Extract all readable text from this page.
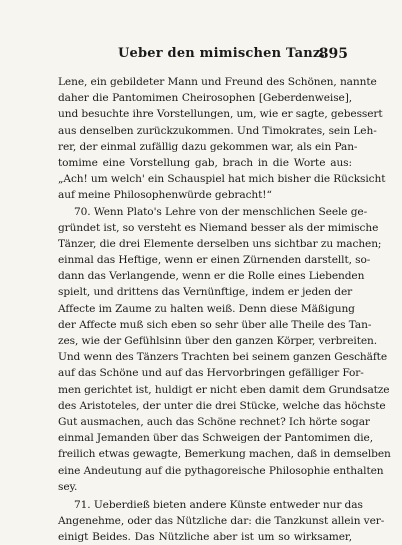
Ueber den mimischen Tanz.
895
Lene, ein gebildeter Mann und Freund des Schönen, nannte
daher die Pantomimen Cheirosophen [Geberdenweise],
und besuchte ihre Vorstellungen, um, wie er sagte, gebessert
aus denselben zurückzukommen. Und Timokrates, sein Leh-
rer, der einmal zufällig dazu gekommen war, als ein Pan-
tomime eine Vorstellung gab, brach in die Worte aus:
„Ach! um welch' ein Schauspiel hat mich bisher die Rücksicht
auf meine Philosophenwürde gebracht!“
70. Wenn Plato's Lehre von der menschlichen Seele ge-
gründet ist, so versteht es Niemand besser als der mimische
Tänzer, die drei Elemente derselben uns sichtbar zu machen;
einmal das Heftige, wenn er einen Zürnenden darstellt, so-
dann das Verlangende, wenn er die Rolle eines Liebenden
spielt, und drittens das Vernünftige, indem er jeden der
Affecte im Zaume zu halten weiß. Denn diese Mäßigung
der Affecte muß sich eben so sehr über alle Theile des Tan-
zes, wie der Gefühlsinn über den ganzen Körper, verbreiten.
Und wenn des Tänzers Trachten bei seinem ganzen Geschäfte
auf das Schöne und auf das Hervorbringen gefälliger For-
men gerichtet ist, huldigt er nicht eben damit dem Grundsatze
des Aristoteles, der unter die drei Stücke, welche das höchste
Gut ausmachen, auch das Schöne rechnet? Ich hörte sogar
einmal Jemanden über das Schweigen der Pantomimen die,
freilich etwas gewagte, Bemerkung machen, daß in demselben
eine Andeutung auf die pythagoreische Philosophie enthalten
sey.
71. Ueberdieß bieten andere Künste entweder nur das
Angenehme, oder das Nützliche dar: die Tanzkunst allein ver-
einigt Beides. Das Nützliche aber ist um so wirksamer,
